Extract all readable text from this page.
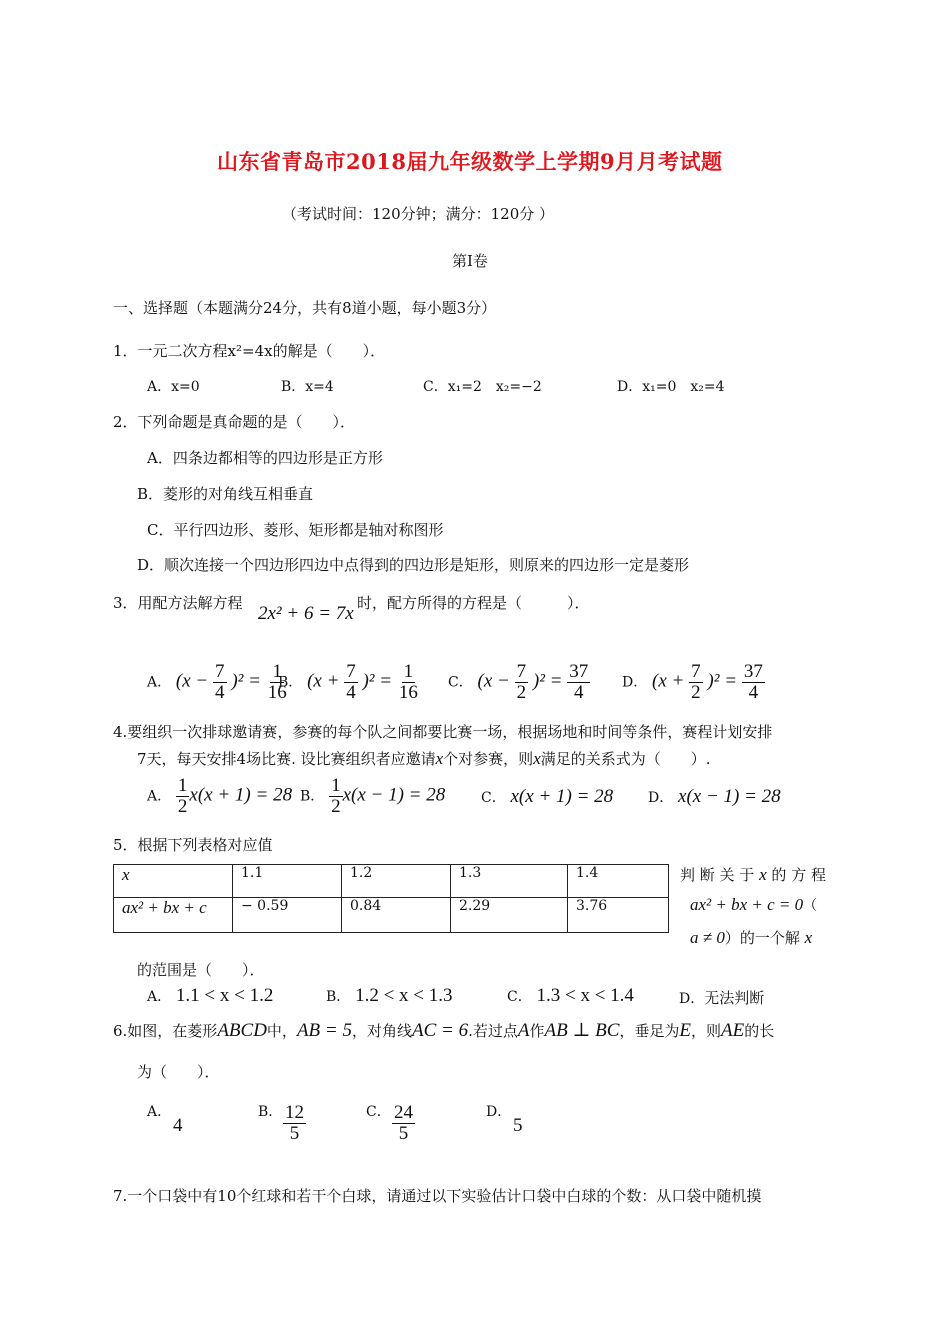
山东省青岛市2018届九年级数学上学期9月月考试题
（考试时间：120分钟；满分：120分 ）
第Ⅰ卷
一、选择题（本题满分24分，共有8道小题，每小题3分）
1．一元二次方程x²=4x的解是（　　）．
A．x=0	B．x=4	C．x₁=2　x₂=−2	D．x₁=0　x₂=4
2．下列命题是真命题的是（　　）．
A．四条边都相等的四边形是正方形
B．菱形的对角线互相垂直
C．平行四边形、菱形、矩形都是轴对称图形
D．顺次连接一个四边形四边中点得到的四边形是矩形，则原来的四边形一定是菱形
3．用配方法解方程 2x² + 6 = 7x 时，配方所得的方程是（　　　）．
A． $(x - \frac{7}{4} )^2 = \frac{1}{16}$
B． $(x + \frac{7}{4} )^2 = \frac{1}{16}$ C． $(x - \frac{7}{2} )^2 = \frac{37}{4}$ D． $(x + \frac{7}{2} )^2 = \frac{37}{4}$
4.要组织一次排球邀请赛，参赛的每个队之间都要比赛一场，根据场地和时间等条件，赛程计划安排
7天，每天安排4场比赛. 设比赛组织者应邀请x个对参赛，则x满足的关系式为（　　）.
A． $\frac{1}{2} x(x + 1) = 28$ B． $\frac{1}{2} x(x - 1) = 28$	C． x(x + 1) = 28 D． x(x − 1) = 28
5．根据下列表格对应值
x	1.1	1.2	1.3	1.4
ax² + bx + c	− 0.59	0.84	2.29	3.76
判 断 关 于 x 的 方 程
ax² + bx + c = 0（
a ≠ 0）的一个解 x
的范围是（　　）．
A． 1.1 < x < 1.2	B． 1.2 < x < 1.3	C． 1.3 < x < 1.4	D．无法判断
6.如图，在菱形ABCD中，AB = 5，对角线AC = 6.若过点A作AB ⊥ BC，垂足为E，则AE的长
为（　　）．
A．
4
B． $\frac{12}{5}$	C． $\frac{24}{5}$	D．
5
7.一个口袋中有10个红球和若干个白球，请通过以下实验估计口袋中白球的个数：从口袋中随机摸
